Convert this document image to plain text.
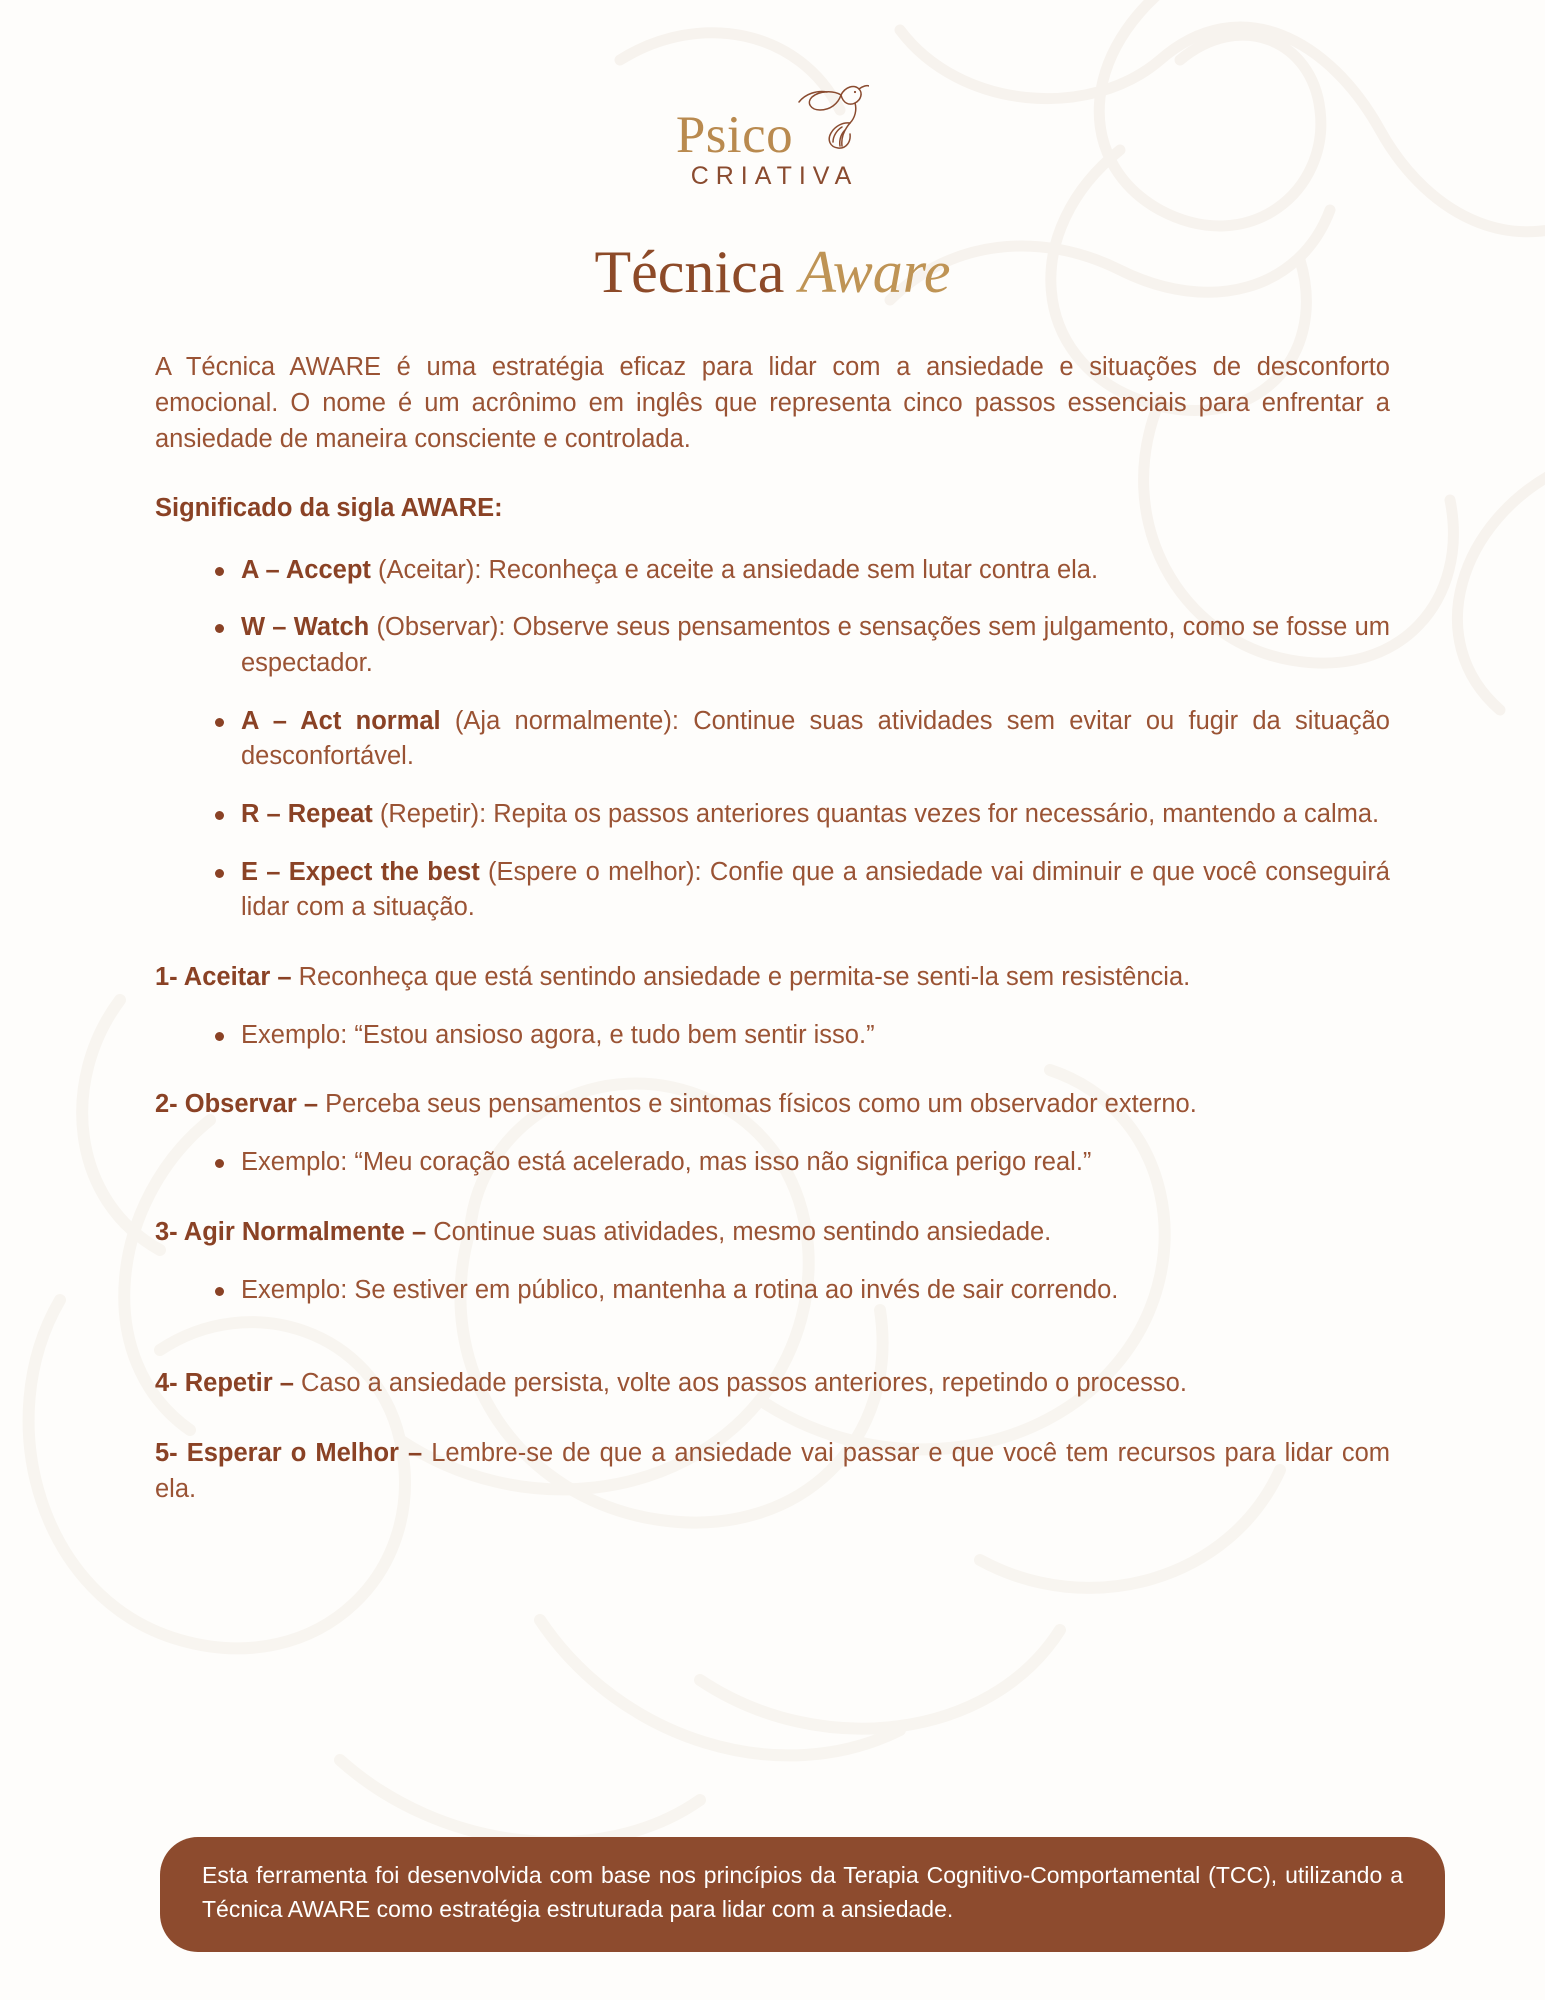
Psico
CRIATIVA
Técnica Aware

A Técnica AWARE é uma estratégia eficaz para lidar com a ansiedade e situações de desconforto emocional. O nome é um acrônimo em inglês que representa cinco passos essenciais para enfrentar a ansiedade de maneira consciente e controlada.

Significado da sigla AWARE:

A – Accept (Aceitar): Reconheça e aceite a ansiedade sem lutar contra ela.
W – Watch (Observar): Observe seus pensamentos e sensações sem julgamento, como se fosse um espectador.
A – Act normal (Aja normalmente): Continue suas atividades sem evitar ou fugir da situação desconfortável.
R – Repeat (Repetir): Repita os passos anteriores quantas vezes for necessário, mantendo a calma.
E – Expect the best (Espere o melhor): Confie que a ansiedade vai diminuir e que você conseguirá lidar com a situação.

1- Aceitar – Reconheça que está sentindo ansiedade e permita-se senti-la sem resistência.

Exemplo: “Estou ansioso agora, e tudo bem sentir isso.”

2- Observar – Perceba seus pensamentos e sintomas físicos como um observador externo.

Exemplo: “Meu coração está acelerado, mas isso não significa perigo real.”

3- Agir Normalmente – Continue suas atividades, mesmo sentindo ansiedade.

Exemplo: Se estiver em público, mantenha a rotina ao invés de sair correndo.

4- Repetir – Caso a ansiedade persista, volte aos passos anteriores, repetindo o processo.

5- Esperar o Melhor – Lembre-se de que a ansiedade vai passar e que você tem recursos para lidar com ela.

Esta ferramenta foi desenvolvida com base nos princípios da Terapia Cognitivo-Comportamental (TCC), utilizando a Técnica AWARE como estratégia estruturada para lidar com a ansiedade.
